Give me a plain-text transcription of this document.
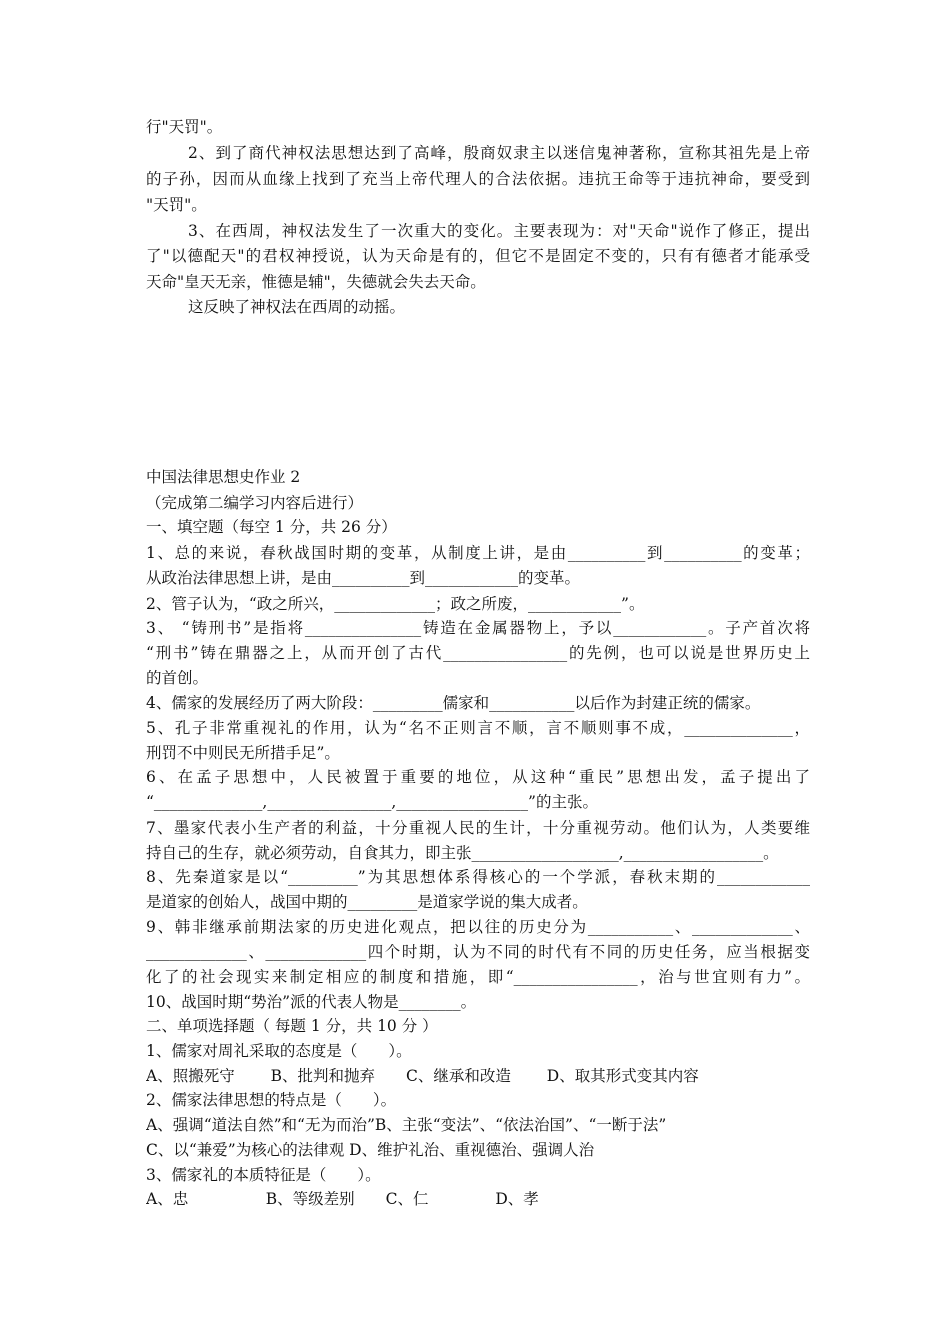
行"天罚"。
2、到了商代神权法思想达到了高峰，殷商奴隶主以迷信鬼神著称，宣称其祖先是上帝
的子孙，因而从血缘上找到了充当上帝代理人的合法依据。违抗王命等于违抗神命，要受到
"天罚"。
3、在西周，神权法发生了一次重大的变化。主要表现为：对"天命"说作了修正，提出
了"以德配天"的君权神授说，认为天命是有的，但它不是固定不变的，只有有德者才能承受
天命"皇天无亲，惟德是辅"，失德就会失去天命。
这反映了神权法在西周的动摇。
中国法律思想史作业 2
（完成第二编学习内容后进行）
一、填空题（每空 1 分，共 26 分）
1、总的来说，春秋战国时期的变革，从制度上讲，是由__________到__________的变革；
从政治法律思想上讲，是由__________到____________的变革。
2、管子认为，“政之所兴，_____________；政之所废，____________”。
3、 “铸刑书”是指将_______________铸造在金属器物上，予以____________。子产首次将
“刑书”铸在鼎器之上，从而开创了古代________________的先例，也可以说是世界历史上
的首创。
4、儒家的发展经历了两大阶段：_________儒家和___________以后作为封建正统的儒家。
5、孔子非常重视礼的作用，认为“名不正则言不顺，言不顺则事不成，______________，
刑罚不中则民无所措手足”。
6、在孟子思想中，人民被置于重要的地位，从这种“重民”思想出发，孟子提出了
“______________,________________,_________________”的主张。
7、墨家代表小生产者的利益，十分重视人民的生计，十分重视劳动。他们认为，人类要维
持自己的生存，就必须劳动，自食其力，即主张___________________,__________________。
8、先秦道家是以“_________”为其思想体系得核心的一个学派，春秋末期的____________
是道家的创始人，战国中期的_________是道家学说的集大成者。
9、韩非继承前期法家的历史进化观点，把以往的历史分为___________、_____________、
_____________、_____________四个时期，认为不同的时代有不同的历史任务，应当根据变
化了的社会现实来制定相应的制度和措施，即“________________，治与世宜则有力”。
10、战国时期“势治”派的代表人物是________。
二、单项选择题（ 每题 1 分，共 10 分 ）
1、儒家对周礼采取的态度是（　　）。
A、照搬死守　　 B、批判和抛弃　　C、继承和改造　　 D、取其形式变其内容
2、儒家法律思想的特点是（　　）。
A、强调“道法自然”和“无为而治”B、主张“变法”、“依法治国”、“一断于法”
C、以“兼爱”为核心的法律观 D、维护礼治、重视德治、强调人治
3、儒家礼的本质特征是（　　）。
A、忠　　　　　B、等级差别　　C、仁　　　　 D、孝
